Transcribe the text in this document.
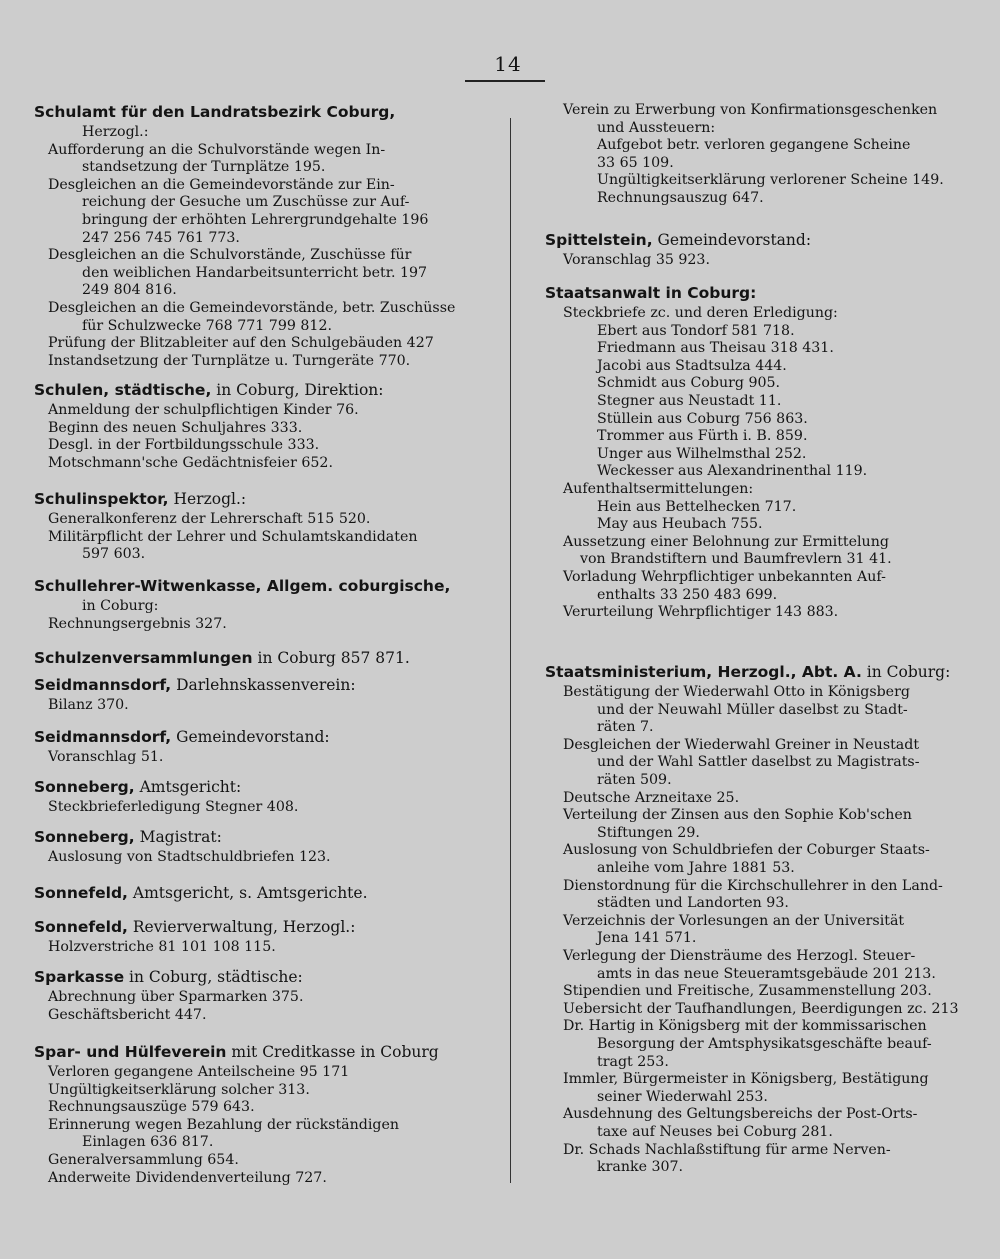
14
Schulamt für den Landratsbezirk Coburg,
Herzogl.:
Aufforderung an die Schulvorstände wegen In-
standsetzung der Turnplätze 195.
Desgleichen an die Gemeindevorstände zur Ein-
reichung der Gesuche um Zuschüsse zur Auf-
bringung der erhöhten Lehrergrundgehalte 196
247 256 745 761 773.
Desgleichen an die Schulvorstände, Zuschüsse für
den weiblichen Handarbeitsunterricht betr. 197
249 804 816.
Desgleichen an die Gemeindevorstände, betr. Zuschüsse
für Schulzwecke 768 771 799 812.
Prüfung der Blitzableiter auf den Schulgebäuden 427
Instandsetzung der Turnplätze u. Turngeräte 770.
Schulen, städtische, in Coburg, Direktion:
Anmeldung der schulpflichtigen Kinder 76.
Beginn des neuen Schuljahres 333.
Desgl. in der Fortbildungsschule 333.
Motschmann'sche Gedächtnisfeier 652.
Schulinspektor, Herzogl.:
Generalkonferenz der Lehrerschaft 515 520.
Militärpflicht der Lehrer und Schulamtskandidaten
597 603.
Schullehrer-Witwenkasse, Allgem. coburgische,
in Coburg:
Rechnungsergebnis 327.
Schulzenversammlungen in Coburg 857 871.
Seidmannsdorf, Darlehnskassenverein:
Bilanz 370.
Seidmannsdorf, Gemeindevorstand:
Voranschlag 51.
Sonneberg, Amtsgericht:
Steckbrieferledigung Stegner 408.
Sonneberg, Magistrat:
Auslosung von Stadtschuldbriefen 123.
Sonnefeld, Amtsgericht, s. Amtsgerichte.
Sonnefeld, Revierverwaltung, Herzogl.:
Holzverstriche 81 101 108 115.
Sparkasse in Coburg, städtische:
Abrechnung über Sparmarken 375.
Geschäftsbericht 447.
Spar- und Hülfeverein mit Creditkasse in Coburg
Verloren gegangene Anteilscheine 95 171
Ungültigkeitserklärung solcher 313.
Rechnungsauszüge 579 643.
Erinnerung wegen Bezahlung der rückständigen
Einlagen 636 817.
Generalversammlung 654.
Anderweite Dividendenverteilung 727.
Verein zu Erwerbung von Konfirmationsgeschenken
und Aussteuern:
Aufgebot betr. verloren gegangene Scheine
33 65 109.
Ungültigkeitserklärung verlorener Scheine 149.
Rechnungsauszug 647.
Spittelstein, Gemeindevorstand:
Voranschlag 35 923.
Staatsanwalt in Coburg:
Steckbriefe zc. und deren Erledigung:
Ebert aus Tondorf 581 718.
Friedmann aus Theisau 318 431.
Jacobi aus Stadtsulza 444.
Schmidt aus Coburg 905.
Stegner aus Neustadt 11.
Stüllein aus Coburg 756 863.
Trommer aus Fürth i. B. 859.
Unger aus Wilhelmsthal 252.
Weckesser aus Alexandrinenthal 119.
Aufenthaltsermittelungen:
Hein aus Bettelhecken 717.
May aus Heubach 755.
Aussetzung einer Belohnung zur Ermittelung
von Brandstiftern und Baumfrevlern 31 41.
Vorladung Wehrpflichtiger unbekannten Auf-
enthalts 33 250 483 699.
Verurteilung Wehrpflichtiger 143 883.
Staatsministerium, Herzogl., Abt. A. in Coburg:
Bestätigung der Wiederwahl Otto in Königsberg
und der Neuwahl Müller daselbst zu Stadt-
räten 7.
Desgleichen der Wiederwahl Greiner in Neustadt
und der Wahl Sattler daselbst zu Magistrats-
räten 509.
Deutsche Arzneitaxe 25.
Verteilung der Zinsen aus den Sophie Kob'schen
Stiftungen 29.
Auslosung von Schuldbriefen der Coburger Staats-
anleihe vom Jahre 1881 53.
Dienstordnung für die Kirchschullehrer in den Land-
städten und Landorten 93.
Verzeichnis der Vorlesungen an der Universität
Jena 141 571.
Verlegung der Diensträume des Herzogl. Steuer-
amts in das neue Steueramtsgebäude 201 213.
Stipendien und Freitische, Zusammenstellung 203.
Uebersicht der Taufhandlungen, Beerdigungen zc. 213
Dr. Hartig in Königsberg mit der kommissarischen
Besorgung der Amtsphysikatsgeschäfte beauf-
tragt 253.
Immler, Bürgermeister in Königsberg, Bestätigung
seiner Wiederwahl 253.
Ausdehnung des Geltungsbereichs der Post-Orts-
taxe auf Neuses bei Coburg 281.
Dr. Schads Nachlaßstiftung für arme Nerven-
kranke 307.
